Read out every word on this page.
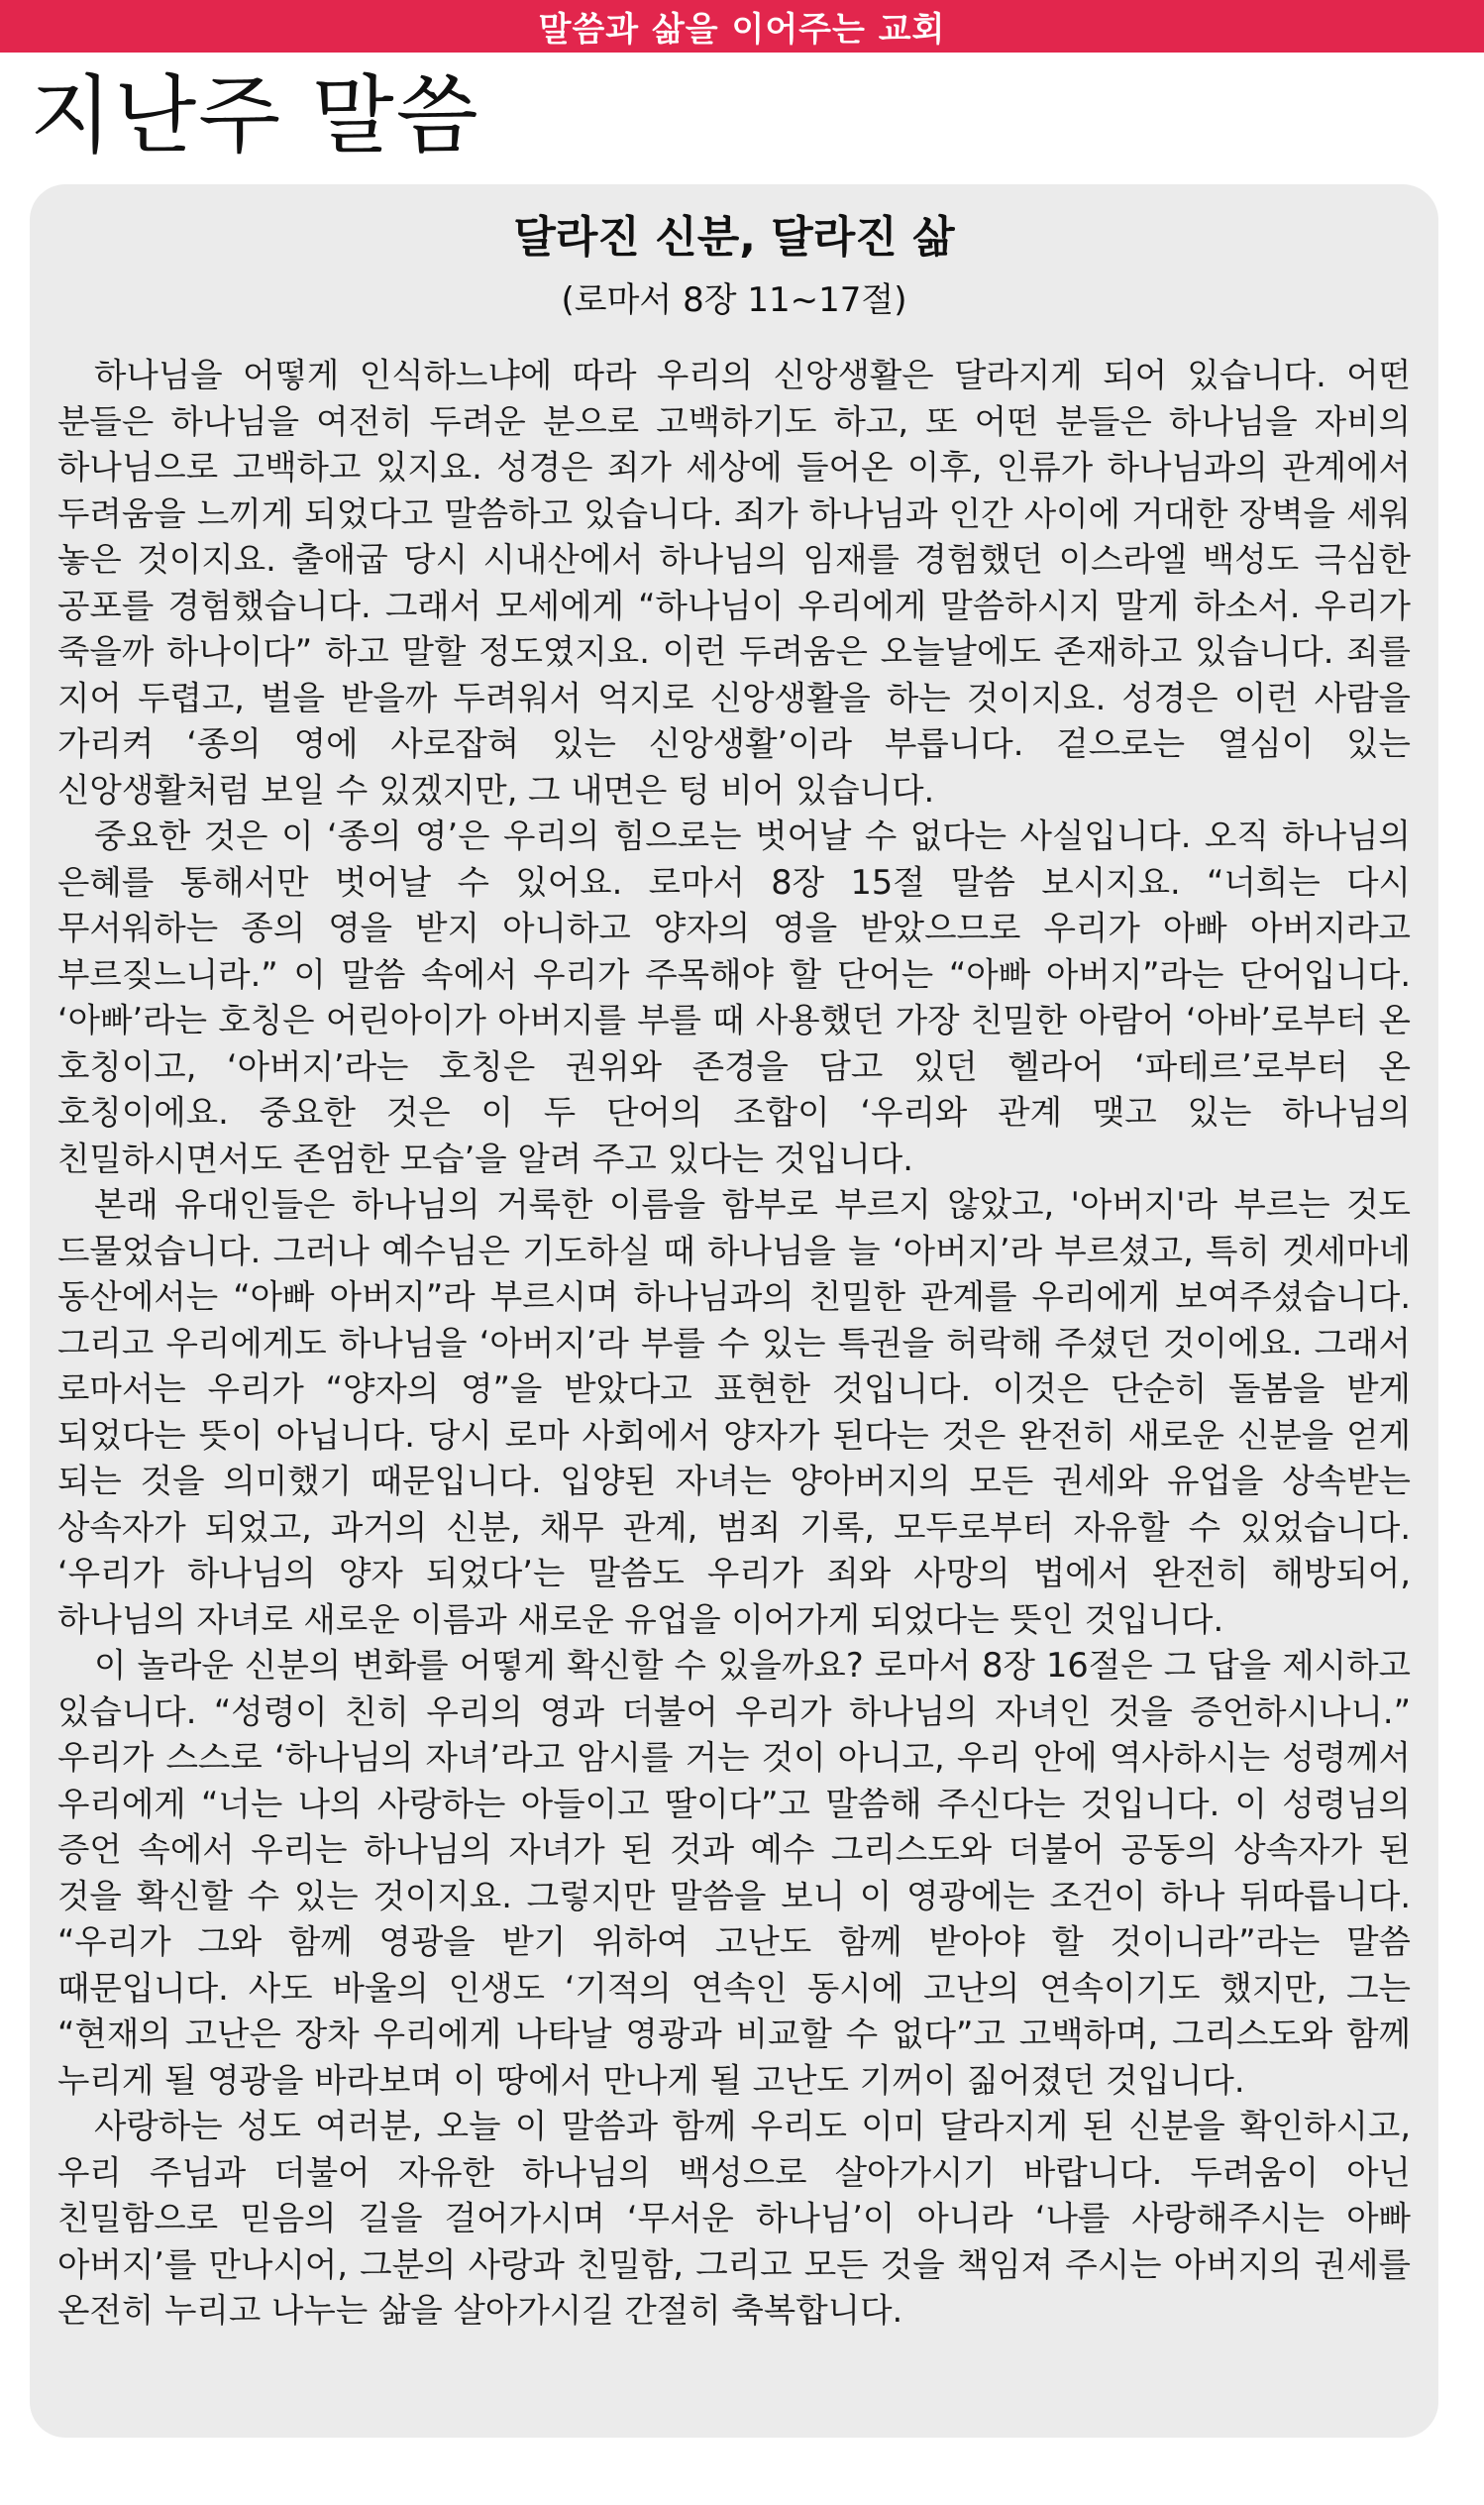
말씀과 삶을 이어주는 교회
지난주 말씀
달라진 신분, 달라진 삶

(로마서 8장 11~17절)

하나님을 어떻게 인식하느냐에 따라 우리의 신앙생활은 달라지게 되어 있습니다. 어떤 분들은 하나님을 여전히 두려운 분으로 고백하기도 하고, 또 어떤 분들은 하나님을 자비의 하나님으로 고백하고 있지요. 성경은 죄가 세상에 들어온 이후, 인류가 하나님과의 관계에서 두려움을 느끼게 되었다고 말씀하고 있습니다. 죄가 하나님과 인간 사이에 거대한 장벽을 세워 놓은 것이지요. 출애굽 당시 시내산에서 하나님의 임재를 경험했던 이스라엘 백성도 극심한 공포를 경험했습니다. 그래서 모세에게 “하나님이 우리에게 말씀하시지 말게 하소서. 우리가 죽을까 하나이다” 하고 말할 정도였지요. 이런 두려움은 오늘날에도 존재하고 있습니다. 죄를 지어 두렵고, 벌을 받을까 두려워서 억지로 신앙생활을 하는 것이지요. 성경은 이런 사람을 가리켜 ‘종의 영에 사로잡혀 있는 신앙생활’이라 부릅니다. 겉으로는 열심이 있는 신앙생활처럼 보일 수 있겠지만, 그 내면은 텅 비어 있습니다.

중요한 것은 이 ‘종의 영’은 우리의 힘으로는 벗어날 수 없다는 사실입니다. 오직 하나님의 은혜를 통해서만 벗어날 수 있어요. 로마서 8장 15절 말씀 보시지요. “너희는 다시 무서워하는 종의 영을 받지 아니하고 양자의 영을 받았으므로 우리가 아빠 아버지라고 부르짖느니라.” 이 말씀 속에서 우리가 주목해야 할 단어는 “아빠 아버지”라는 단어입니다. ‘아빠’라는 호칭은 어린아이가 아버지를 부를 때 사용했던 가장 친밀한 아람어 ‘아바’로부터 온 호칭이고, ‘아버지’라는 호칭은 권위와 존경을 담고 있던 헬라어 ‘파테르’로부터 온 호칭이에요. 중요한 것은 이 두 단어의 조합이 ‘우리와 관계 맺고 있는 하나님의 친밀하시면서도 존엄한 모습’을 알려 주고 있다는 것입니다.

본래 유대인들은 하나님의 거룩한 이름을 함부로 부르지 않았고, '아버지'라 부르는 것도 드물었습니다. 그러나 예수님은 기도하실 때 하나님을 늘 ‘아버지’라 부르셨고, 특히 겟세마네 동산에서는 “아빠 아버지”라 부르시며 하나님과의 친밀한 관계를 우리에게 보여주셨습니다. 그리고 우리에게도 하나님을 ‘아버지’라 부를 수 있는 특권을 허락해 주셨던 것이에요. 그래서 로마서는 우리가 “양자의 영”을 받았다고 표현한 것입니다. 이것은 단순히 돌봄을 받게 되었다는 뜻이 아닙니다. 당시 로마 사회에서 양자가 된다는 것은 완전히 새로운 신분을 얻게 되는 것을 의미했기 때문입니다. 입양된 자녀는 양아버지의 모든 권세와 유업을 상속받는 상속자가 되었고, 과거의 신분, 채무 관계, 범죄 기록, 모두로부터 자유할 수 있었습니다. ‘우리가 하나님의 양자 되었다’는 말씀도 우리가 죄와 사망의 법에서 완전히 해방되어, 하나님의 자녀로 새로운 이름과 새로운 유업을 이어가게 되었다는 뜻인 것입니다.

이 놀라운 신분의 변화를 어떻게 확신할 수 있을까요? 로마서 8장 16절은 그 답을 제시하고 있습니다. “성령이 친히 우리의 영과 더불어 우리가 하나님의 자녀인 것을 증언하시나니.” 우리가 스스로 ‘하나님의 자녀’라고 암시를 거는 것이 아니고, 우리 안에 역사하시는 성령께서 우리에게 “너는 나의 사랑하는 아들이고 딸이다”고 말씀해 주신다는 것입니다. 이 성령님의 증언 속에서 우리는 하나님의 자녀가 된 것과 예수 그리스도와 더불어 공동의 상속자가 된 것을 확신할 수 있는 것이지요. 그렇지만 말씀을 보니 이 영광에는 조건이 하나 뒤따릅니다. “우리가 그와 함께 영광을 받기 위하여 고난도 함께 받아야 할 것이니라”라는 말씀 때문입니다. 사도 바울의 인생도 ‘기적의 연속인 동시에 고난의 연속이기도 했지만, 그는 “현재의 고난은 장차 우리에게 나타날 영광과 비교할 수 없다”고 고백하며, 그리스도와 함께 누리게 될 영광을 바라보며 이 땅에서 만나게 될 고난도 기꺼이 짊어졌던 것입니다.

사랑하는 성도 여러분, 오늘 이 말씀과 함께 우리도 이미 달라지게 된 신분을 확인하시고, 우리 주님과 더불어 자유한 하나님의 백성으로 살아가시기 바랍니다. 두려움이 아닌 친밀함으로 믿음의 길을 걸어가시며 ‘무서운 하나님’이 아니라 ‘나를 사랑해주시는 아빠 아버지’를 만나시어, 그분의 사랑과 친밀함, 그리고 모든 것을 책임져 주시는 아버지의 권세를 온전히 누리고 나누는 삶을 살아가시길 간절히 축복합니다.
